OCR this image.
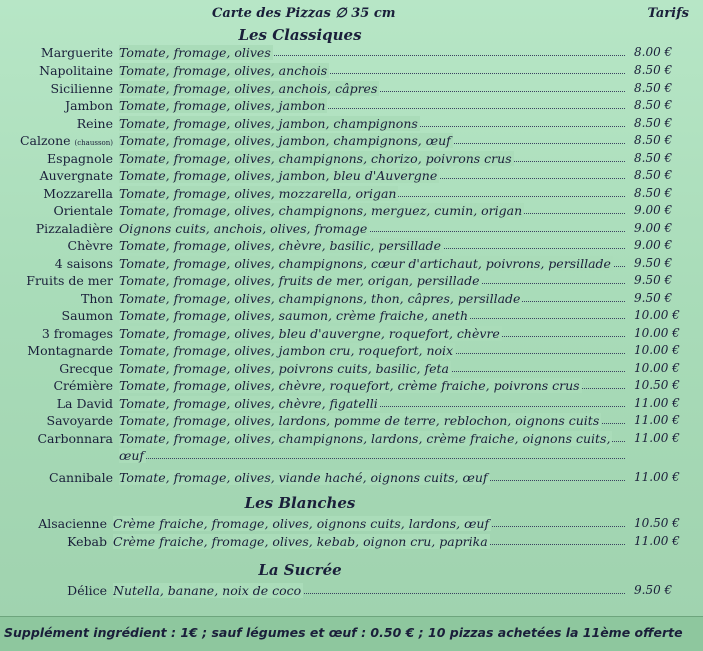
Carte des Pizzas ∅ 35 cm	Tarifs
Les Classiques
Marguerite Tomate, fromage, olives	8.00 €
Napolitaine Tomate, fromage, olives, anchois	8.50 €
Sicilienne Tomate, fromage, olives, anchois, câpres	8.50 €
Jambon Tomate, fromage, olives, jambon	8.50 €
Reine Tomate, fromage, olives, jambon, champignons	8.50 €
Calzone (chausson) Tomate, fromage, olives, jambon, champignons, œuf	8.50 €
Espagnole Tomate, fromage, olives, champignons, chorizo, poivrons crus	8.50 €
Auvergnate Tomate, fromage, olives, jambon, bleu d'Auvergne	8.50 €
Mozzarella Tomate, fromage, olives, mozzarella, origan	8.50 €
Orientale Tomate, fromage, olives, champignons, merguez, cumin, origan	9.00 €
Pizzaladière Oignons cuits, anchois, olives, fromage	9.00 €
Chèvre Tomate, fromage, olives, chèvre, basilic, persillade	9.00 €
4 saisons Tomate, fromage, olives, champignons, cœur d'artichaut, poivrons, persillade	9.50 €
Fruits de mer Tomate, fromage, olives, fruits de mer, origan, persillade	9.50 €
Thon Tomate, fromage, olives, champignons, thon, câpres, persillade	9.50 €
Saumon Tomate, fromage, olives, saumon, crème fraiche, aneth	10.00 €
3 fromages Tomate, fromage, olives, bleu d'auvergne, roquefort, chèvre	10.00 €
Montagnarde Tomate, fromage, olives, jambon cru, roquefort, noix	10.00 €
Grecque Tomate, fromage, olives, poivrons cuits, basilic, feta	10.00 €
Crémière Tomate, fromage, olives, chèvre, roquefort, crème fraiche, poivrons crus	10.50 €
La David Tomate, fromage, olives, chèvre, figatelli	11.00 €
Savoyarde Tomate, fromage, olives, lardons, pomme de terre, reblochon, oignons cuits	11.00 €
Carbonnara Tomate, fromage, olives, champignons, lardons, crème fraiche, oignons cuits,	11.00 €
œuf
Cannibale Tomate, fromage, olives, viande haché, oignons cuits, œuf	11.00 €
Les Blanches
Alsacienne Crème fraiche, fromage, olives, oignons cuits, lardons, œuf	10.50 €
Kebab Crème fraiche, fromage, olives, kebab, oignon cru, paprika	11.00 €
La Sucrée
Délice Nutella, banane, noix de coco	9.50 €
Supplément ingrédient : 1€ ; sauf légumes et œuf : 0.50 € ; 10 pizzas achetées la 11ème offerte
